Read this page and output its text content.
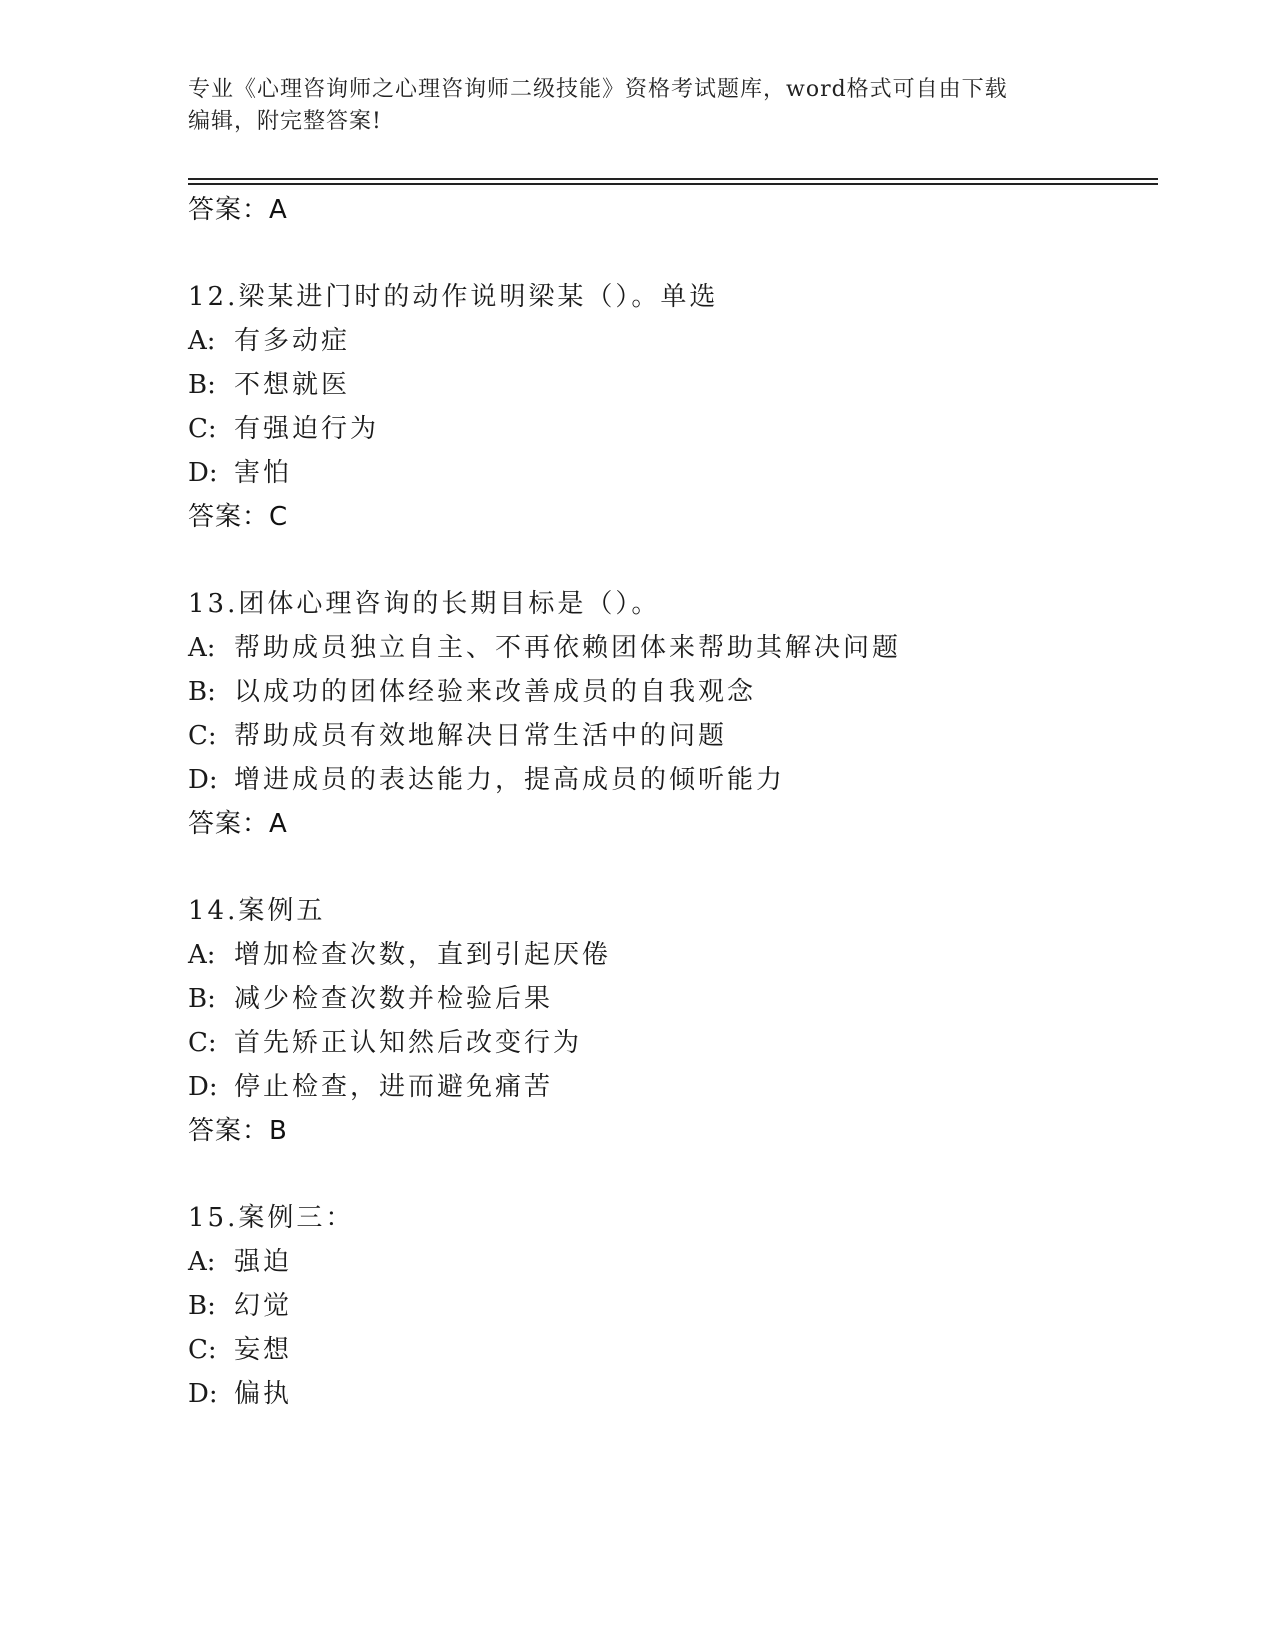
专业《心理咨询师之心理咨询师二级技能》资格考试题库，word格式可自由下载
编辑，附完整答案!
答案：A
12.梁某进门时的动作说明梁某（）。单选
A: 有多动症
B: 不想就医
C: 有强迫行为
D: 害怕
答案：C
13.团体心理咨询的长期目标是（）。
A: 帮助成员独立自主、不再依赖团体来帮助其解决问题
B: 以成功的团体经验来改善成员的自我观念
C: 帮助成员有效地解决日常生活中的问题
D: 增进成员的表达能力，提高成员的倾听能力
答案：A
14.案例五
A: 增加检查次数，直到引起厌倦
B: 减少检查次数并检验后果
C: 首先矫正认知然后改变行为
D: 停止检查，进而避免痛苦
答案：B
15.案例三：
A: 强迫
B: 幻觉
C: 妄想
D: 偏执
